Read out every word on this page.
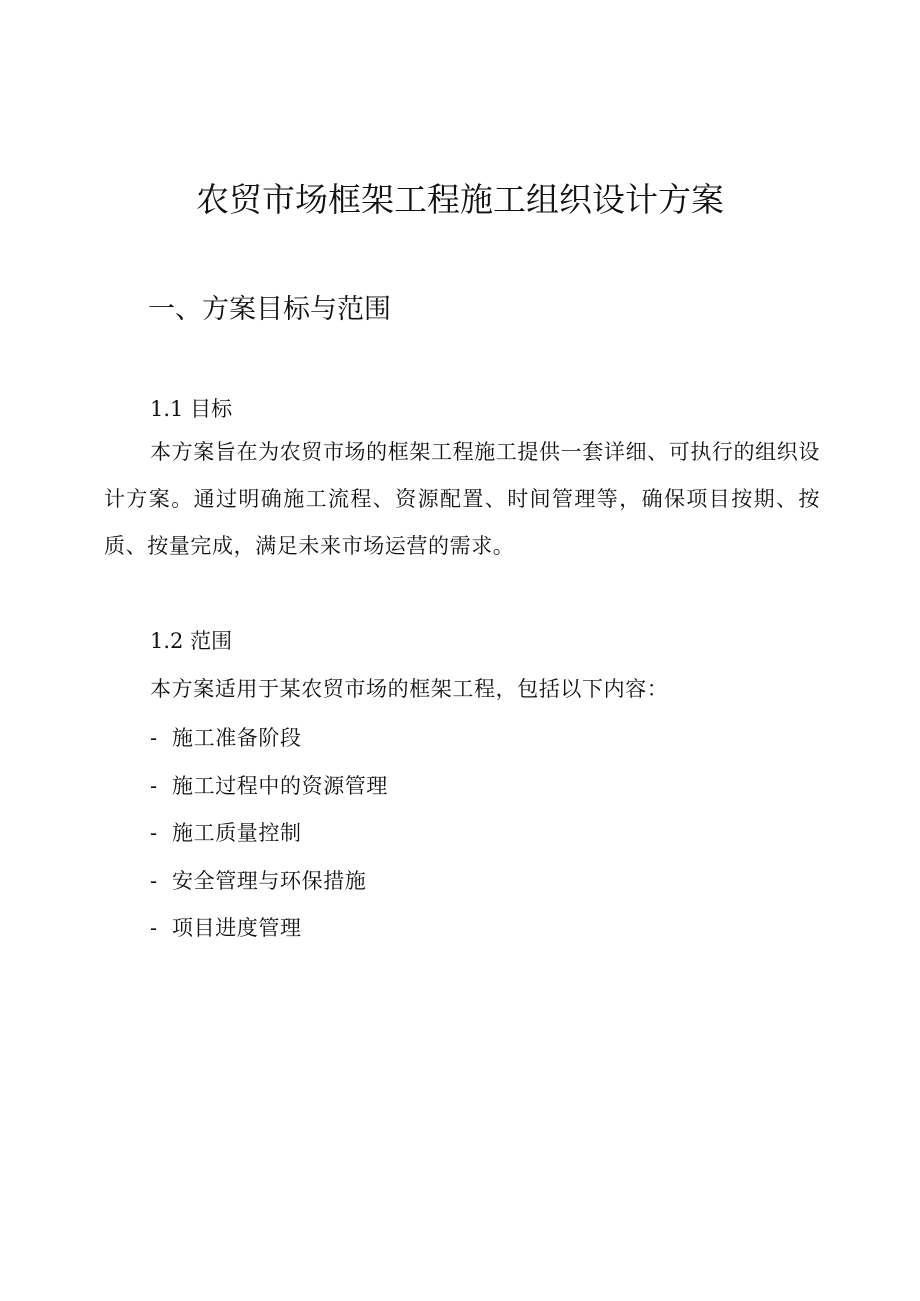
农贸市场框架工程施工组织设计方案
一、方案目标与范围
1.1 目标

本方案旨在为农贸市场的框架工程施工提供一套详细、可执行的组织设计方案。通过明确施工流程、资源配置、时间管理等，确保项目按期、按质、按量完成，满足未来市场运营的需求。

1.2 范围

本方案适用于某农贸市场的框架工程，包括以下内容：

- 施工准备阶段
- 施工过程中的资源管理
- 施工质量控制
- 安全管理与环保措施
- 项目进度管理
